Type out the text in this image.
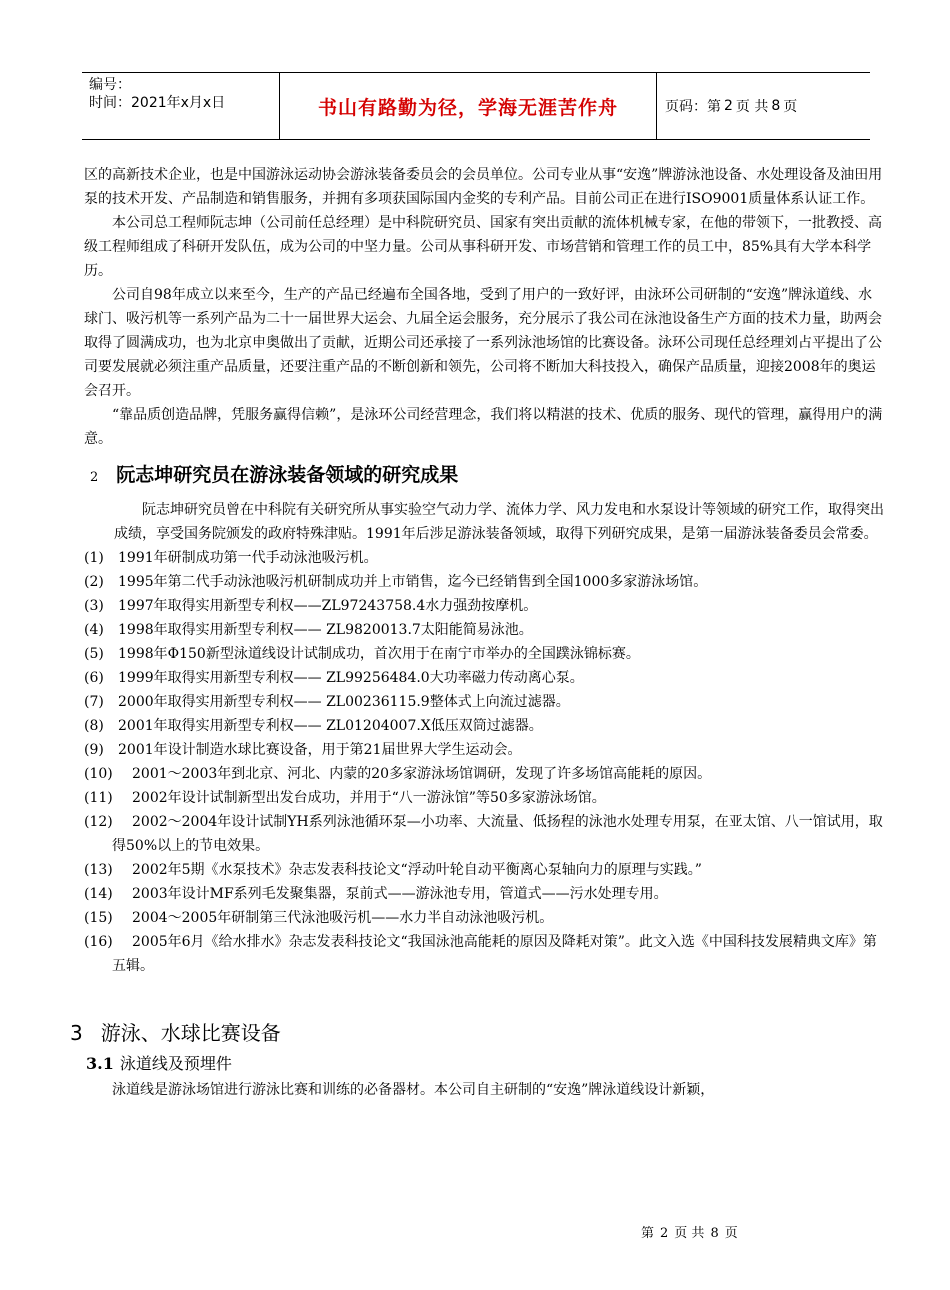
编号：
时间：2021年x月x日	书山有路勤为径，学海无涯苦作舟	页码：第 2 页 共 8 页

区的高新技术企业，也是中国游泳运动协会游泳装备委员会的会员单位。公司专业从事“安逸”牌游泳池设备、水处理设备及油田用泵的技术开发、产品制造和销售服务，并拥有多项获国际国内金奖的专利产品。目前公司正在进行ISO9001质量体系认证工作。

本公司总工程师阮志坤（公司前任总经理）是中科院研究员、国家有突出贡献的流体机械专家，在他的带领下，一批教授、高级工程师组成了科研开发队伍，成为公司的中坚力量。公司从事科研开发、市场营销和管理工作的员工中，85%具有大学本科学历。

公司自98年成立以来至今，生产的产品已经遍布全国各地，受到了用户的一致好评，由泳环公司研制的“安逸”牌泳道线、水球门、吸污机等一系列产品为二十一届世界大运会、九届全运会服务，充分展示了我公司在泳池设备生产方面的技术力量，助两会取得了圆满成功，也为北京申奥做出了贡献，近期公司还承接了一系列泳池场馆的比赛设备。泳环公司现任总经理刘占平提出了公司要发展就必须注重产品质量，还要注重产品的不断创新和领先，公司将不断加大科技投入，确保产品质量，迎接2008年的奥运会召开。

“靠品质创造品牌，凭服务赢得信赖”，是泳环公司经营理念，我们将以精湛的技术、优质的服务、现代的管理，赢得用户的满意。

2 阮志坤研究员在游泳装备领域的研究成果

阮志坤研究员曾在中科院有关研究所从事实验空气动力学、流体力学、风力发电和水泵设计等领域的研究工作，取得突出成绩，享受国务院颁发的政府特殊津贴。1991年后涉足游泳装备领域，取得下列研究成果，是第一届游泳装备委员会常委。

(1) 1991年研制成功第一代手动泳池吸污机。
(2) 1995年第二代手动泳池吸污机研制成功并上市销售，迄今已经销售到全国1000多家游泳场馆。
(3) 1997年取得实用新型专利权——ZL97243758.4水力强劲按摩机。
(4) 1998年取得实用新型专利权—— ZL9820013.7太阳能简易泳池。
(5) 1998年Φ150新型泳道线设计试制成功，首次用于在南宁市举办的全国蹼泳锦标赛。
(6) 1999年取得实用新型专利权—— ZL99256484.0大功率磁力传动离心泵。
(7) 2000年取得实用新型专利权—— ZL00236115.9整体式上向流过滤器。
(8) 2001年取得实用新型专利权—— ZL01204007.X低压双筒过滤器。
(9) 2001年设计制造水球比赛设备，用于第21届世界大学生运动会。
(10)	2001～2003年到北京、河北、内蒙的20多家游泳场馆调研，发现了许多场馆高能耗的原因。
(11)	2002年设计试制新型出发台成功，并用于“八一游泳馆”等50多家游泳场馆。
(12)	2002～2004年设计试制YH系列泳池循环泵—小功率、大流量、低扬程的泳池水处理专用泵，在亚太馆、八一馆试用，取得50%以上的节电效果。
(13)	2002年5期《水泵技术》杂志发表科技论文“浮动叶轮自动平衡离心泵轴向力的原理与实践。”
(14)	2003年设计MF系列毛发聚集器，泵前式——游泳池专用，管道式——污水处理专用。
(15)	2004～2005年研制第三代泳池吸污机——水力半自动泳池吸污机。
(16)	2005年6月《给水排水》杂志发表科技论文“我国泳池高能耗的原因及降耗对策”。此文入选《中国科技发展精典文库》第五辑。
3 游泳、水球比赛设备
3.1 泳道线及预埋件

泳道线是游泳场馆进行游泳比赛和训练的必备器材。本公司自主研制的“安逸”牌泳道线设计新颖，

第 2 页 共 8 页
